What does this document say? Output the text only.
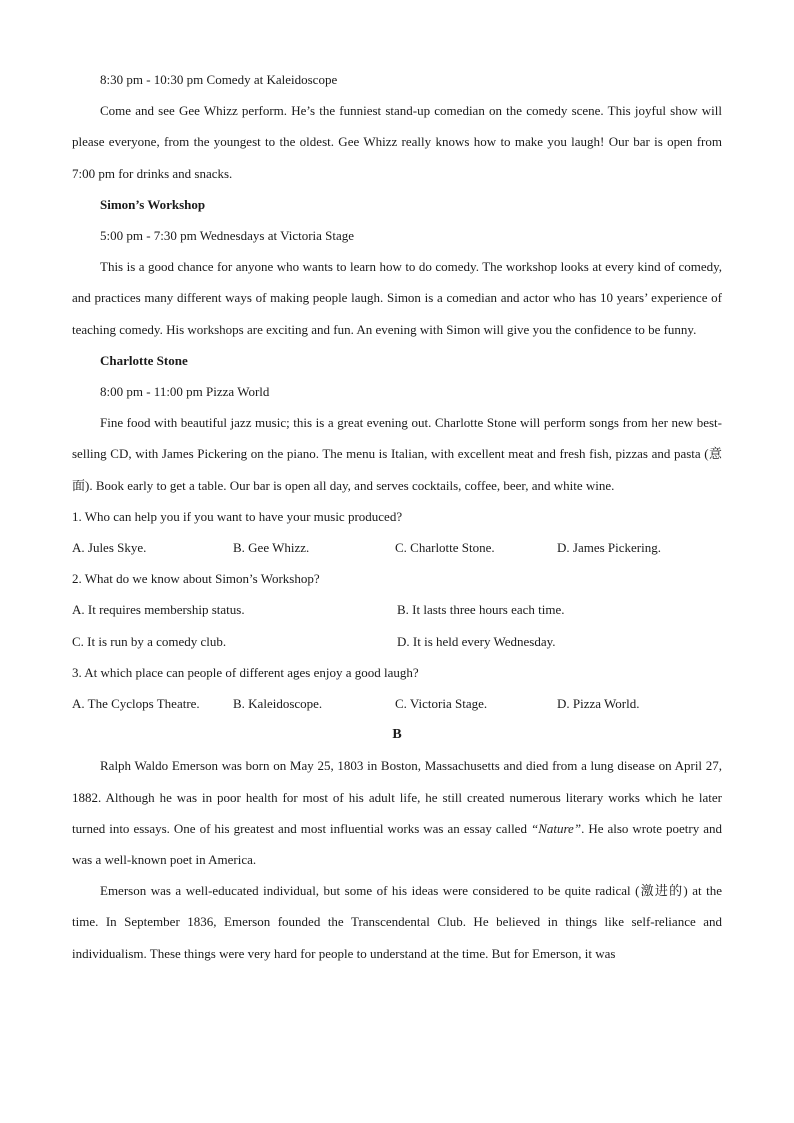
8:30 pm - 10:30 pm Comedy at Kaleidoscope
Come and see Gee Whizz perform. He’s the funniest stand-up comedian on the comedy scene. This joyful show will please everyone, from the youngest to the oldest. Gee Whizz really knows how to make you laugh! Our bar is open from 7:00 pm for drinks and snacks.
Simon’s Workshop
5:00 pm - 7:30 pm Wednesdays at Victoria Stage
This is a good chance for anyone who wants to learn how to do comedy. The workshop looks at every kind of comedy, and practices many different ways of making people laugh. Simon is a comedian and actor who has 10 years’ experience of teaching comedy. His workshops are exciting and fun. An evening with Simon will give you the confidence to be funny.
Charlotte Stone
8:00 pm - 11:00 pm Pizza World
Fine food with beautiful jazz music; this is a great evening out. Charlotte Stone will perform songs from her new best-selling CD, with James Pickering on the piano. The menu is Italian, with excellent meat and fresh fish, pizzas and pasta (意面). Book early to get a table. Our bar is open all day, and serves cocktails, coffee, beer, and white wine.
1. Who can help you if you want to have your music produced?
A. Jules Skye.	B. Gee Whizz.	C. Charlotte Stone.	D. James Pickering.
2. What do we know about Simon’s Workshop?
A. It requires membership status.	B. It lasts three hours each time.
C. It is run by a comedy club.	D. It is held every Wednesday.
3. At which place can people of different ages enjoy a good laugh?
A. The Cyclops Theatre.	B. Kaleidoscope.	C. Victoria Stage.	D. Pizza World.
B
Ralph Waldo Emerson was born on May 25, 1803 in Boston, Massachusetts and died from a lung disease on April 27, 1882. Although he was in poor health for most of his adult life, he still created numerous literary works which he later turned into essays. One of his greatest and most influential works was an essay called “Nature”. He also wrote poetry and was a well-known poet in America.
Emerson was a well-educated individual, but some of his ideas were considered to be quite radical (激进的) at the time. In September 1836, Emerson founded the Transcendental Club. He believed in things like self-reliance and individualism. These things were very hard for people to understand at the time. But for Emerson, it was
